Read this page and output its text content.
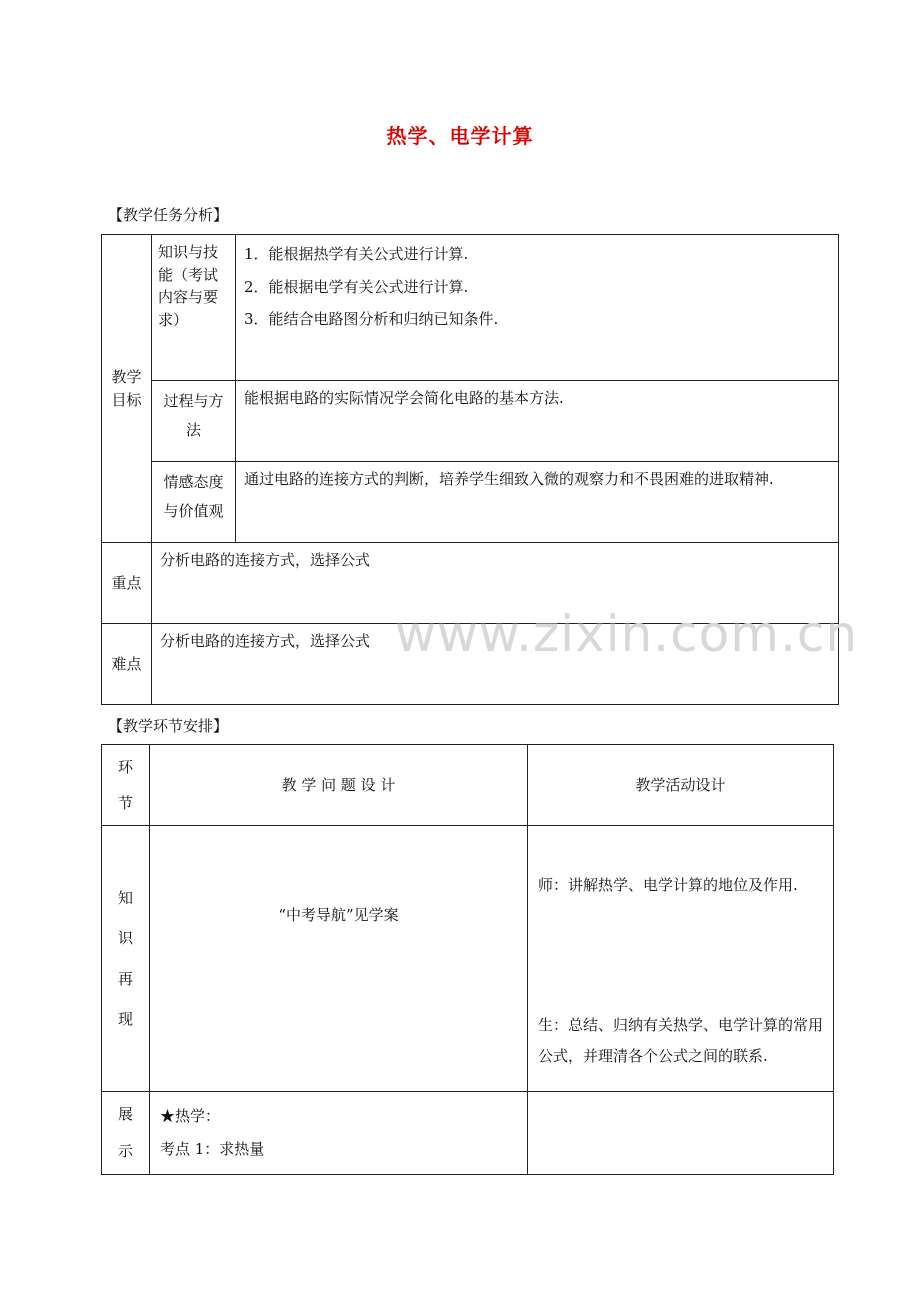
热学、电学计算
【教学任务分析】
教学目标	知识与技能（考试内容与要求）	1．能根据热学有关公式进行计算.
2．能根据电学有关公式进行计算.
3．能结合电路图分析和归纳已知条件.

	过程与方法	能根据电路的实际情况学会简化电路的基本方法.

	情感态度与价值观	通过电路的连接方式的判断，培养学生细致入微的观察力和不畏困难的进取精神.
重点	分析电路的连接方式，选择公式	
难点	分析电路的连接方式，选择公式	
【教学环节安排】
环节	教 学 问 题 设 计	教学活动设计

知识再现	“中考导航”见学案	师：讲解热学、电学计算的地位及作用.
生：总结、归纳有关热学、电学计算的常用公式，并理清各个公式之间的联系.

展示	★热学：
考点 1：求热量	

www.zixin.com.cn
